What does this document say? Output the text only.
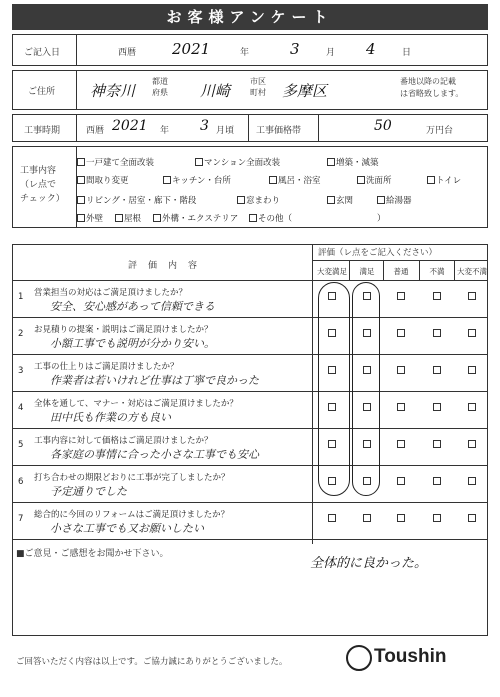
お客様アンケート
ご記入日	西暦 2021	年	3	月 4	日
ご住所 神奈川
都道
府県 川崎
市区
町村 多摩区
番地以降の記載
は省略致します。
工事時期	西暦 2021 年 3 月頃 工事価格帯	50	万円台
工事内容
（レ点で
チェック）
一戸建て全面改装	マンション全面改装	増築・減築
間取り変更	キッチン・台所	風呂・浴室	洗面所	トイレ
リビング・居室・廊下・階段	窓まわり	玄関	給湯器
外壁 屋根 外構・エクステリア その他（　　　　　　　　　　）
評　価　内　容
評価（レ点をご記入ください）
大変満足	満足	普通	不満	大変不満
1 営業担当の対応はご満足頂けましたか？
安全、安心感があって信頼できる
2 お見積りの提案・説明はご満足頂けましたか？
小額工事でも説明が分かり安い。
3 工事の仕上りはご満足頂けましたか？
作業者は若いけれど仕事は丁寧で良かった
4 全体を通して、マナー・対応はご満足頂けましたか？
田中氏も作業の方も良い
5 工事内容に対して価格はご満足頂けましたか？
各家庭の事情に合った小さな工事でも安心
6 打ち合わせの期限どおりに工事が完了しましたか？
予定通りでした
7 総合的に今回のリフォームはご満足頂けましたか？
小さな工事でも又お願いしたい
■ご意見・ご感想をお聞かせ下さい。
全体的に良かった。
ご回答いただく内容は以上です。ご協力誠にありがとうございました。	Toushin
